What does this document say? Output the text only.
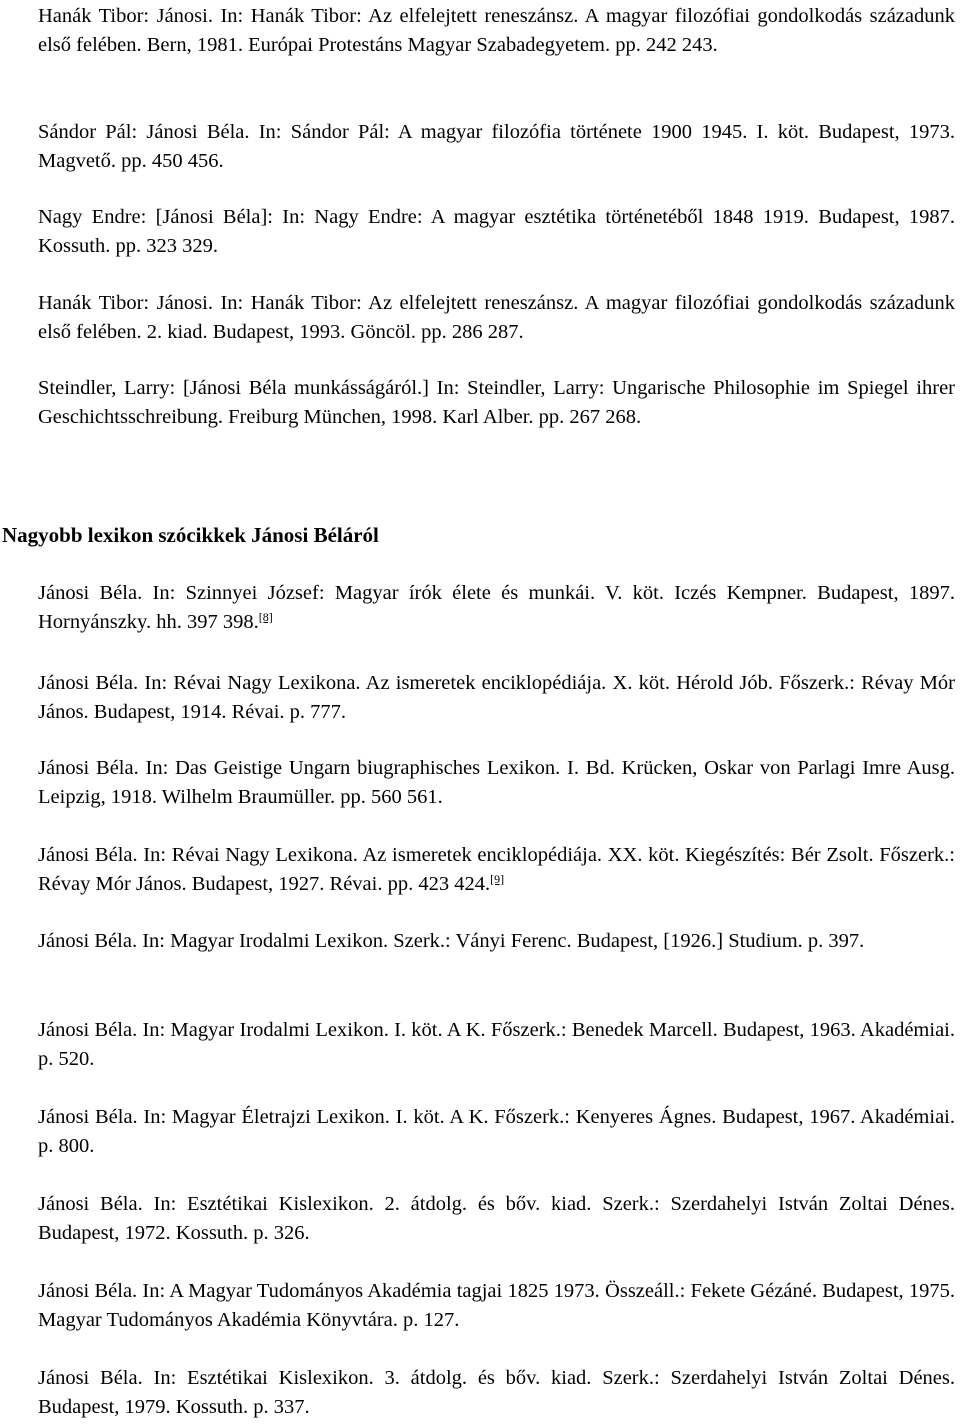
Hanák Tibor: Jánosi. In: Hanák Tibor: Az elfelejtett reneszánsz. A magyar filozófiai gondolkodás századunk első felében. Bern, 1981. Európai Protestáns Magyar Szabadegyetem. pp. 242 243.

Sándor Pál: Jánosi Béla. In: Sándor Pál: A magyar filozófia története 1900 1945. I. köt. Budapest, 1973. Magvető. pp. 450 456.

Nagy Endre: [Jánosi Béla]: In: Nagy Endre: A magyar esztétika történetéből 1848 1919. Budapest, 1987. Kossuth. pp. 323 329.

Hanák Tibor: Jánosi. In: Hanák Tibor: Az elfelejtett reneszánsz. A magyar filozófiai gondolkodás századunk első felében. 2. kiad. Budapest, 1993. Göncöl. pp. 286 287.

Steindler, Larry: [Jánosi Béla munkásságáról.] In: Steindler, Larry: Ungarische Philosophie im Spiegel ihrer Geschichtsschreibung. Freiburg München, 1998. Karl Alber. pp. 267 268.

Nagyobb lexikon szócikkek Jánosi Béláról

Jánosi Béla. In: Szinnyei József: Magyar írók élete és munkái. V. köt. Iczés Kempner. Budapest, 1897. Hornyánszky. hh. 397 398.[8]

Jánosi Béla. In: Révai Nagy Lexikona. Az ismeretek enciklopédiája. X. köt. Hérold Jób. Főszerk.: Révay Mór János. Budapest, 1914. Révai. p. 777.

Jánosi Béla. In: Das Geistige Ungarn biugraphisches Lexikon. I. Bd. Krücken, Oskar von Parlagi Imre Ausg. Leipzig, 1918. Wilhelm Braumüller. pp. 560 561.

Jánosi Béla. In: Révai Nagy Lexikona. Az ismeretek enciklopédiája. XX. köt. Kiegészítés: Bér Zsolt. Főszerk.: Révay Mór János. Budapest, 1927. Révai. pp. 423 424.[9]

Jánosi Béla. In: Magyar Irodalmi Lexikon. Szerk.: Ványi Ferenc. Budapest, [1926.] Studium. p. 397.

Jánosi Béla. In: Magyar Irodalmi Lexikon. I. köt. A K. Főszerk.: Benedek Marcell. Budapest, 1963. Akadémiai. p. 520.

Jánosi Béla. In: Magyar Életrajzi Lexikon. I. köt. A K. Főszerk.: Kenyeres Ágnes. Budapest, 1967. Akadémiai. p. 800.

Jánosi Béla. In: Esztétikai Kislexikon. 2. átdolg. és bőv. kiad. Szerk.: Szerdahelyi István Zoltai Dénes. Budapest, 1972. Kossuth. p. 326.

Jánosi Béla. In: A Magyar Tudományos Akadémia tagjai 1825 1973. Összeáll.: Fekete Gézáné. Budapest, 1975. Magyar Tudományos Akadémia Könyvtára. p. 127.

Jánosi Béla. In: Esztétikai Kislexikon. 3. átdolg. és bőv. kiad. Szerk.: Szerdahelyi István Zoltai Dénes. Budapest, 1979. Kossuth. p. 337.
